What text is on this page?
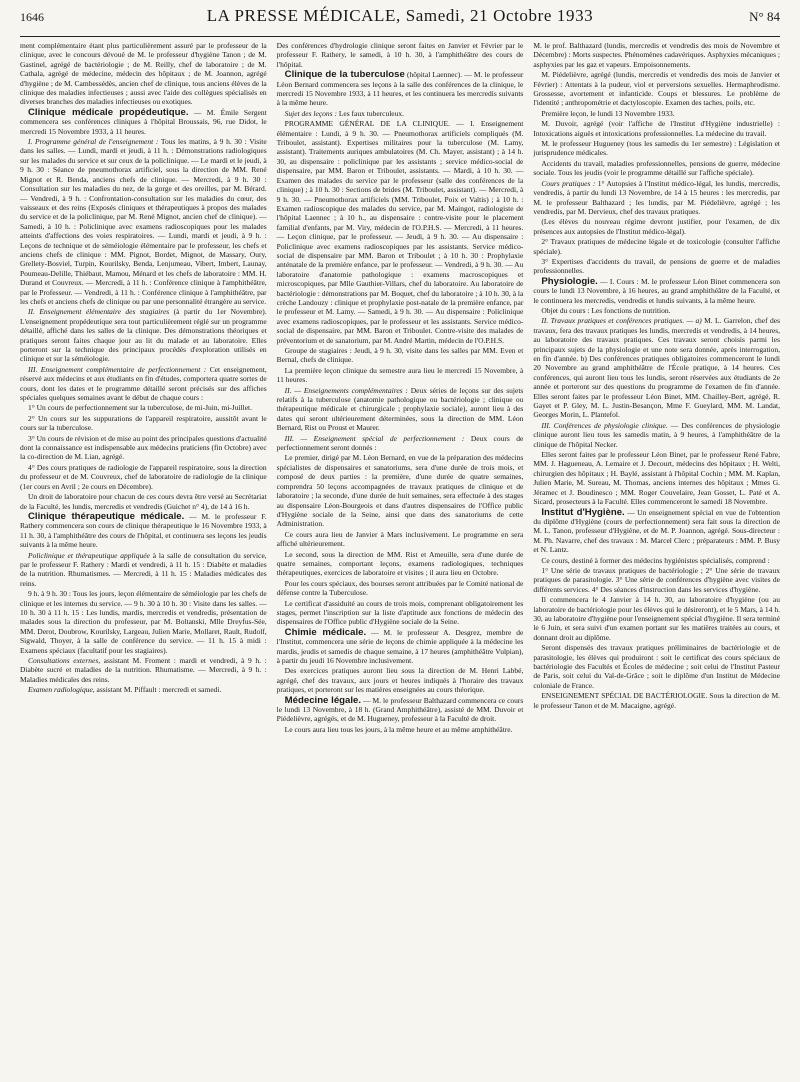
1646	LA PRESSE MÉDICALE, Samedi, 21 Octobre 1933	N° 84

ment complémentaire étant plus particulièrement assuré par le professeur de la clinique, avec le concours dévoué de M. le professeur d'hygiène Tanon ; de M. Gastinel, agrégé de bactériologie ; de M. Reilly, chef de laboratoire ; de M. Cathala, agrégé de médecine, médecin des hôpitaux ; de M. Joannon, agrégé d'hygiène ; de M. Cambessédès, ancien chef de clinique, tous anciens élèves de la clinique des maladies infectieuses ; aussi avec l'aide des collègues spécialisés en diverses branches des maladies infectieuses ou exotiques.

Clinique médicale propédeutique. — M. Émile Sergent commencera ses conférences cliniques à l'hôpital Broussais, 96, rue Didot, le mercredi 15 Novembre 1933, à 11 heures.

I. Programme général de l'enseignement : Tous les matins, à 9 h. 30 : Visite dans les salles. — Lundi, mardi et jeudi, à 11 h. : Démonstrations radiologiques sur les malades du service et sur ceux de la policlinique. — Le mardi et le jeudi, à 9 h. 30 : Séance de pneumothorax artificiel, sous la direction de MM. René Mignot et R. Benda, anciens chefs de clinique. — Mercredi, à 9 h. 30 : Consultation sur les maladies du nez, de la gorge et des oreilles, par M. Bérard. — Vendredi, à 9 h. : Confrontation-consultation sur les maladies du cœur, des vaisseaux et des reins (Exposés cliniques et thérapeutiques à propos des malades du service et de la policlinique, par M. René Mignot, ancien chef de clinique). — Samedi, à 10 h. : Policlinique avec examens radioscopiques pour les malades atteints d'affections des voies respiratoires. — Lundi, mardi et jeudi, à 9 h. : Leçons de technique et de séméiologie élémentaire par le professeur, les chefs et anciens chefs de clinique : MM. Pignot, Bordet, Mignot, de Massary, Oury, Grellety-Bosviel, Turpin, Kourilsky, Benda, Lenjumeau, Vibert, Imbert, Launay, Poumeau-Delille, Thiébaut, Mamou, Ménard et les chefs de laboratoire : MM. H. Durand et Couvreux. — Mercredi, à 11 h. : Conférence clinique à l'amphithéâtre, par le Professeur. — Vendredi, à 11 h. : Conférence clinique à l'amphithéâtre, par les chefs et anciens chefs de clinique ou par une personnalité étrangère au service.

II. Enseignement élémentaire des stagiaires (à partir du 1er Novembre). L'enseignement propédeutique sera tout particulièrement réglé sur un programme détaillé, affiché dans les salles de la clinique. Des démonstrations théoriques et pratiques seront faites chaque jour au lit du malade et au laboratoire. Elles porteront sur la technique des principaux procédés d'exploration utilisés en clinique et sur la séméiologie.

III. Enseignement complémentaire de perfectionnement : Cet enseignement, réservé aux médecins et aux étudiants en fin d'études, comportera quatre sortes de cours, dont les dates et le programme détaillé seront précisés sur des affiches spéciales quelques semaines avant le début de chaque cours :

1° Un cours de perfectionnement sur la tuberculose, de mi-Juin, mi-Juillet.

2° Un cours sur les suppurations de l'appareil respiratoire, aussitôt avant le cours sur la tuberculose.

3° Un cours de révision et de mise au point des principales questions d'actualité dont la connaissance est indispensable aux médecins praticiens (fin Octobre) avec la co-direction de M. Lian, agrégé.

4° Des cours pratiques de radiologie de l'appareil respiratoire, sous la direction du professeur et de M. Couvreux, chef de laboratoire de radiologie de la clinique (1er cours en Avril ; 2e cours en Décembre).

Un droit de laboratoire pour chacun de ces cours devra être versé au Secrétariat de la Faculté, les lundis, mercredis et vendredis (Guichet n° 4), de 14 à 16 h.

Clinique thérapeutique médicale. — M. le professeur F. Rathery commencera son cours de clinique thérapeutique le 16 Novembre 1933, à 11 h. 30, à l'amphithéâtre des cours de l'hôpital, et continuera ses leçons les jeudis suivants à la même heure.

Policlinique et thérapeutique appliquée à la salle de consultation du service, par le professeur F. Rathery : Mardi et vendredi, à 11 h. 15 : Diabète et maladies de la nutrition. Rhumatismes. — Mercredi, à 11 h. 15 : Maladies médicales des reins.

9 h. à 9 h. 30 : Tous les jours, leçon élémentaire de séméiologie par les chefs de clinique et les internes du service. — 9 h. 30 à 10 h. 30 : Visite dans les salles. — 10 h. 30 à 11 h. 15 : Les lundis, mardis, mercredis et vendredis, présentation de malades sous la direction du professeur, par M. Boltanski, Mlle Dreyfus-Sée, MM. Derot, Doubrow, Kourilsky, Largeau, Julien Marie, Mollaret, Rault, Rudolf, Sigwald, Thoyer, à la salle de conférence du service. — 11 h. 15 à midi : Examens spéciaux (facultatif pour les stagiaires).

Consultations externes, assistant M. Froment : mardi et vendredi, à 9 h. : Diabète sucré et maladies de la nutrition. Rhumatisme. — Mercredi, à 9 h. : Maladies médicales des reins.

Examen radiologique, assistant M. Piffault : mercredi et samedi.

Des conférences d'hydrologie clinique seront faites en Janvier et Février par le professeur F. Rathery, le samedi, à 10 h. 30, à l'amphithéâtre des cours de l'hôpital.

Clinique de la tuberculose (hôpital Laennec). — M. le professeur Léon Bernard commencera ses leçons à la salle des conférences de la clinique, le mercredi 15 Novembre 1933, à 11 heures, et les continuera les mercredis suivants à la même heure.

Sujet des leçons : Les faux tuberculeux.

PROGRAMME GÉNÉRAL DE LA CLINIQUE. — I. Enseignement élémentaire : Lundi, à 9 h. 30. — Pneumothorax artificiels compliqués (M. Triboulet, assistant). Expertises militaires pour la tuberculose (M. Lamy, assistant). Traitements auriques ambulatoires (M. Ch. Mayer, assistant) ; à 14 h. 30, au dispensaire : policlinique par les assistants ; service médico-social de dispensaire, par MM. Baron et Triboulet, assistants. — Mardi, à 10 h. 30. — Examen des malades du service par le professeur (salle des conférences de la clinique) ; à 10 h. 30 : Sections de brides (M. Triboulet, assistant). — Mercredi, à 9 h. 30. — Pneumothorax artificiels (MM. Triboulet, Poix et Valtis) ; à 10 h. : Examen radioscopique des malades du service, par M. Maingot, radiologiste de l'hôpital Laennec ; à 10 h., au dispensaire : contre-visite pour le placement familial d'enfants, par M. Viry, médecin de l'O.P.H.S. — Mercredi, à 11 heures. — Leçon clinique, par le professeur. — Jeudi, à 9 h. 30. — Au dispensaire : Policlinique avec examens radioscopiques par les assistants. Service médico-social de dispensaire par MM. Baron et Triboulet ; à 10 h. 30 : Prophylaxie anténatale de la première enfance, par le professeur. — Vendredi, à 9 h. 30. — Au laboratoire d'anatomie pathologique : examens macroscopiques et microscopiques, par Mlle Gauthier-Villars, chef du laboratoire. Au laboratoire de bactériologie : démonstrations par M. Boquet, chef du laboratoire ; à 10 h. 30, à la crèche Landouzy : clinique et prophylaxie post-natale de la première enfance, par le professeur et M. Lamy. — Samedi, à 9 h. 30. — Au dispensaire : Policlinique avec examens radioscopiques, par le professeur et les assistants. Service médico-social de dispensaire, par MM. Baron et Triboulet. Contre-visite des malades de préventorium et de sanatorium, par M. André Martin, médecin de l'O.P.H.S.

Groupe de stagiaires : Jeudi, à 9 h. 30, visite dans les salles par MM. Even et Bernal, chefs de clinique.

La première leçon clinique du semestre aura lieu le mercredi 15 Novembre, à 11 heures.

II. — Enseignements complémentaires : Deux séries de leçons sur des sujets relatifs à la tuberculose (anatomie pathologique ou bactériologie ; clinique ou thérapeutique médicale et chirurgicale ; prophylaxie sociale), auront lieu à des dates qui seront ultérieurement déterminées, sous la direction de MM. Léon Bernard, Rist ou Proust et Maurer.

III. — Enseignement spécial de perfectionnement : Deux cours de perfectionnement seront donnés :

Le premier, dirigé par M. Léon Bernard, en vue de la préparation des médecins spécialistes de dispensaires et sanatoriums, sera d'une durée de trois mois, et composé de deux parties : la première, d'une durée de quatre semaines, comprendra 50 leçons accompagnées de travaux pratiques de clinique et de laboratoire ; la seconde, d'une durée de huit semaines, sera effectuée à des stages au dispensaire Léon-Bourgeois et dans d'autres dispensaires de l'Office public d'Hygiène sociale de la Seine, ainsi que dans des sanatoriums de cette Administration.

Ce cours aura lieu de Janvier à Mars inclusivement. Le programme en sera affiché ultérieurement.

Le second, sous la direction de MM. Rist et Ameuille, sera d'une durée de quatre semaines, comportant leçons, examens radiologiques, techniques thérapeutiques, exercices de laboratoire et visites ; il aura lieu en Octobre.

Pour les cours spéciaux, des bourses seront attribuées par le Comité national de défense contre la Tuberculose.

Le certificat d'assiduité au cours de trois mois, comprenant obligatoirement les stages, permet l'inscription sur la liste d'aptitude aux fonctions de médecin des dispensaires de l'Office public d'Hygiène sociale de la Seine.

Chimie médicale. — M. le professeur A. Desgrez, membre de l'Institut, commencera une série de leçons de chimie appliquée à la médecine les mardis, jeudis et samedis de chaque semaine, à 17 heures (amphithéâtre Vulpian), à partir du jeudi 16 Novembre inclusivement.

Des exercices pratiques auront lieu sous la direction de M. Henri Labbé, agrégé, chef des travaux, aux jours et heures indiqués à l'horaire des travaux pratiques, et porteront sur les matières enseignées au cours théorique.

Médecine légale. — M. le professeur Balthazard commencera ce cours le lundi 13 Novembre, à 18 h. (Grand Amphithéâtre), assisté de MM. Duvoir et Piédelièvre, agrégés, et de M. Hugueney, professeur à la Faculté de droit.

Le cours aura lieu tous les jours, à la même heure et au même amphithéâtre.

M. le prof. Balthazard (lundis, mercredis et vendredis des mois de Novembre et Décembre) : Morts suspectes. Phénomènes cadavériques. Asphyxies mécaniques ; asphyxies par les gaz et vapeurs. Empoisonnements.

M. Piédelièvre, agrégé (lundis, mercredis et vendredis des mois de Janvier et Février) : Attentats à la pudeur, viol et perversions sexuelles. Hermaphrodisme. Grossesse, avortement et infanticide. Coups et blessures. Le problème de l'identité ; anthropométrie et dactyloscopie. Examen des taches, poils, etc.

Première leçon, le lundi 13 Novembre 1933.

M. Duvoir, agrégé (voir l'affiche de l'Institut d'Hygiène industrielle) : Intoxications aiguës et intoxications professionnelles. La médecine du travail.

M. le professeur Hugueney (tous les samedis du 1er semestre) : Législation et jurisprudence médicales.

Accidents du travail, maladies professionnelles, pensions de guerre, médecine sociale. Tous les jeudis (voir le programme détaillé sur l'affiche spéciale).

Cours pratiques : 1° Autopsies à l'Institut médico-légal, les lundis, mercredis, vendredis, à partir du lundi 13 Novembre, de 14 à 15 heures : les mercredis, par M. le professeur Balthazard ; les lundis, par M. Piédelièvre, agrégé ; les vendredis, par M. Dervieux, chef des travaux pratiques.

(Les élèves du nouveau régime devront justifier, pour l'examen, de dix présences aux autopsies de l'Institut médico-légal).

2° Travaux pratiques de médecine légale et de toxicologie (consulter l'affiche spéciale).

3° Expertises d'accidents du travail, de pensions de guerre et de maladies professionnelles.

Physiologie. — I. Cours : M. le professeur Léon Binet commencera son cours le lundi 13 Novembre, à 16 heures, au grand amphithéâtre de la Faculté, et le continuera les mercredis, vendredis et lundis suivants, à la même heure.

Objet du cours : Les fonctions de nutrition.

II. Travaux pratiques et conférences pratiques. — a) M. L. Garrelon, chef des travaux, fera des travaux pratiques les lundis, mercredis et vendredis, à 14 heures, au laboratoire des travaux pratiques. Ces travaux seront choisis parmi les principaux sujets de la physiologie et une note sera donnée, après interrogation, en fin d'année. b) Des conférences pratiques obligatoires commenceront le lundi 20 Novembre au grand amphithéâtre de l'École pratique, à 14 heures. Ces conférences, qui auront lieu tous les lundis, seront réservées aux étudiants de 2e année et porteront sur des questions du programme de l'examen de fin d'année. Elles seront faites par le professeur Léon Binet, MM. Chailley-Bert, agrégé, R. Gayet et P. Gley, M. L. Justin-Besançon, Mme F. Gueylard, MM. M. Landat, Georges Morin, L. Plantefol.

III. Conférences de physiologie clinique. — Des conférences de physiologie clinique auront lieu tous les samedis matin, à 9 heures, à l'amphithéâtre de la clinique de l'hôpital Necker.

Elles seront faites par le professeur Léon Binet, par le professeur René Fabre, MM. J. Hagueneau, A. Lemaire et J. Decourt, médecins des hôpitaux ; H. Welti, chirurgien des hôpitaux ; H. Baylé, assistant à l'hôpital Cochin ; MM. M. Kaplan, Julien Marie, M. Sureau, M. Thomas, anciens internes des hôpitaux ; Mmes G. Jéramec et J. Boudinesco ; MM. Roger Couvelaire, Jean Gosset, L. Paté et A. Sicard, prosecteurs à la Faculté. Elles commenceront le samedi 18 Novembre.

Institut d'Hygiène. — Un enseignement spécial en vue de l'obtention du diplôme d'Hygiène (cours de perfectionnement) sera fait sous la direction de M. L. Tanon, professeur d'Hygiène, et de M. P. Joannon, agrégé. Sous-directeur : M. Ph. Navarre, chef des travaux : M. Marcel Clerc ; préparateurs : MM. P. Busy et N. Lantz.

Ce cours, destiné à former des médecins hygiénistes spécialisés, comprend :

1° Une série de travaux pratiques de bactériologie ; 2° Une série de travaux pratiques de parasitologie. 3° Une série de conférences d'hygiène avec visites de différents services. 4° Des séances d'instruction dans les services d'hygiène.

Il commencera le 4 Janvier à 14 h. 30, au laboratoire d'hygiène (ou au laboratoire de bactériologie pour les élèves qui le désireront), et le 5 Mars, à 14 h. 30, au laboratoire d'hygiène pour l'enseignement spécial d'hygiène. Il sera terminé le 6 Juin, et sera suivi d'un examen portant sur les matières traitées au cours, et donnant droit au diplôme.

Seront dispensés des travaux pratiques préliminaires de bactériologie et de parasitologie, les élèves qui produiront : soit le certificat des cours spéciaux de bactériologie des Facultés et Écoles de médecine ; soit celui de l'Institut Pasteur de Paris, soit celui du Val-de-Grâce ; soit le diplôme d'un Institut de Médecine coloniale de France.

ENSEIGNEMENT SPÉCIAL DE BACTÉRIOLOGIE. Sous la direction de M. le professeur Tanon et de M. Macaigne, agrégé.
